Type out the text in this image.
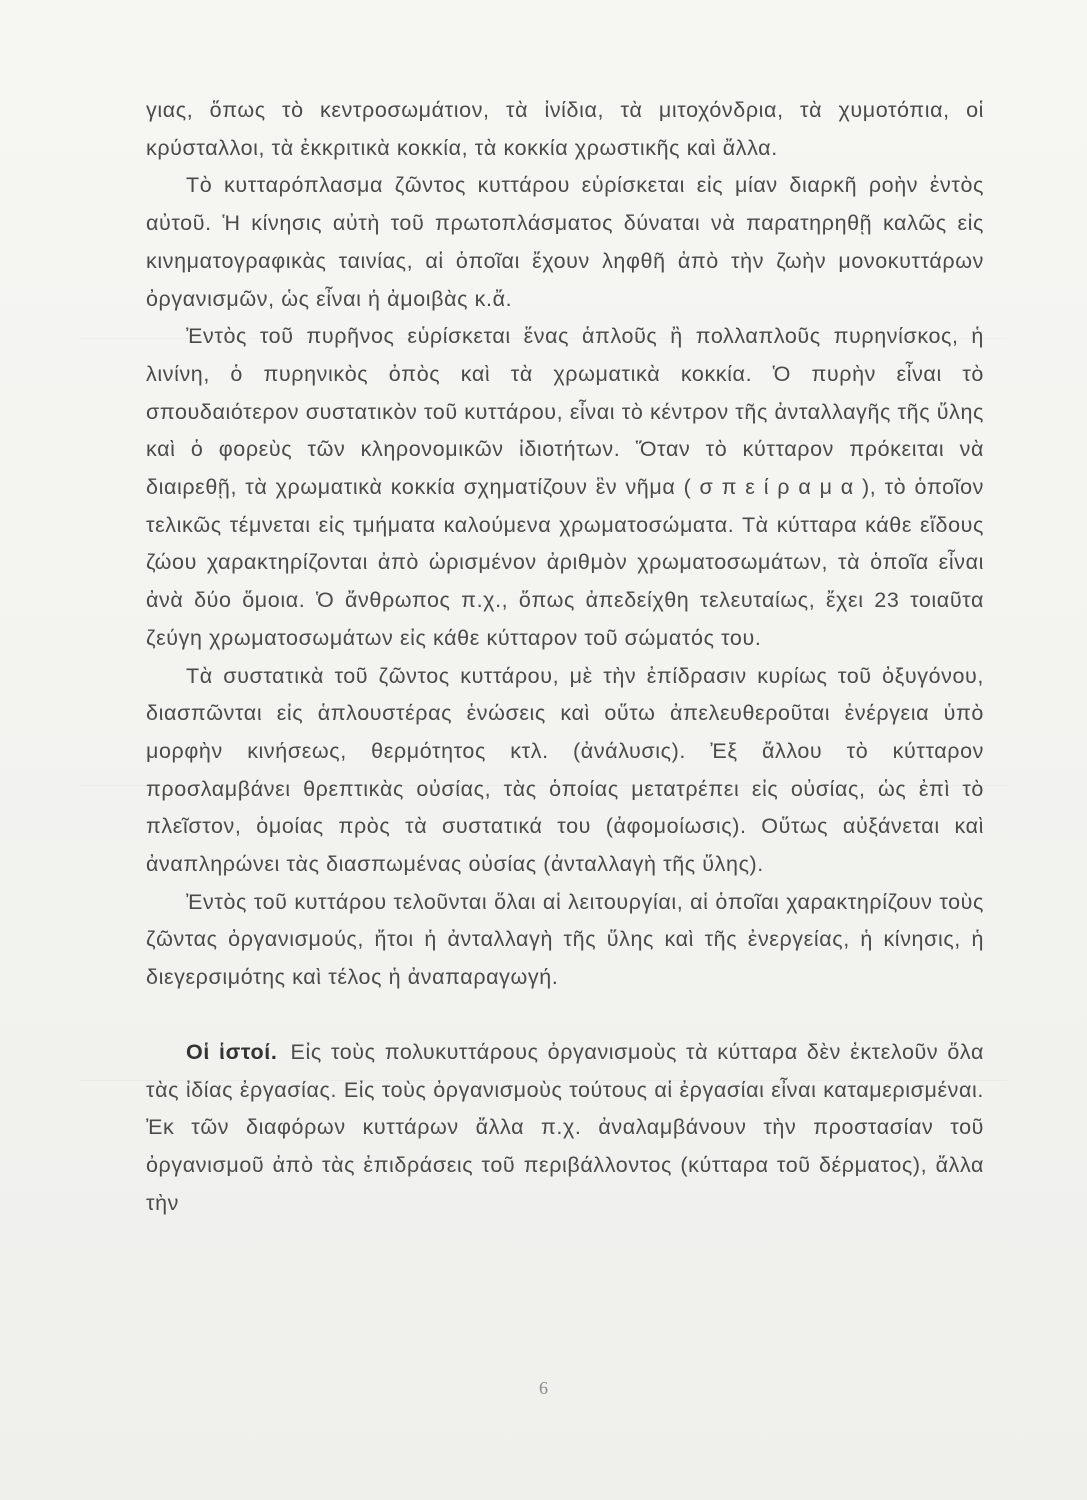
γιας, ὅπως τὸ κεντροσωμάτιον, τὰ ἰνίδια, τὰ μιτοχόνδρια, τὰ χυμοτόπια, οἱ κρύσταλλοι, τὰ ἐκκριτικὰ κοκκία, τὰ κοκκία χρωστικῆς καὶ ἄλλα.

Τὸ κυτταρόπλασμα ζῶντος κυττάρου εὑρίσκεται εἰς μίαν διαρκῆ ροὴν ἐντὸς αὐτοῦ. Ἡ κίνησις αὐτὴ τοῦ πρωτοπλάσματος δύναται νὰ παρατηρηθῇ καλῶς εἰς κινηματογραφικὰς ταινίας, αἱ ὁποῖαι ἔχουν ληφθῆ ἀπὸ τὴν ζωὴν μονοκυττάρων ὀργανισμῶν, ὡς εἶναι ἡ ἀμοιβὰς κ.ἄ.

Ἐντὸς τοῦ πυρῆνος εὑρίσκεται ἕνας ἁπλοῦς ἢ πολλαπλοῦς πυρηνίσκος, ἡ λινίνη, ὁ πυρηνικὸς ὀπὸς καὶ τὰ χρωματικὰ κοκκία. Ὁ πυρὴν εἶναι τὸ σπουδαιότερον συστατικὸν τοῦ κυττάρου, εἶναι τὸ κέντρον τῆς ἀνταλλαγῆς τῆς ὕλης καὶ ὁ φορεὺς τῶν κληρονομικῶν ἰδιοτήτων. Ὅταν τὸ κύτταρον πρόκειται νὰ διαιρεθῇ, τὰ χρωματικὰ κοκκία σχηματίζουν ἓν νῆμα ( σ π ε ί ρ α μ α ), τὸ ὁποῖον τελικῶς τέμνεται εἰς τμήματα καλούμενα χρωματοσώματα. Τὰ κύτταρα κάθε εἴδους ζώου χαρακτηρίζονται ἀπὸ ὡρισμένον ἀριθμὸν χρωματοσωμάτων, τὰ ὁποῖα εἶναι ἀνὰ δύο ὅμοια. Ὁ ἄνθρωπος π.χ., ὅπως ἀπεδείχθη τελευταίως, ἔχει 23 τοιαῦτα ζεύγη χρωματοσωμάτων εἰς κάθε κύτταρον τοῦ σώματός του.

Τὰ συστατικὰ τοῦ ζῶντος κυττάρου, μὲ τὴν ἐπίδρασιν κυρίως τοῦ ὀξυγόνου, διασπῶνται εἰς ἁπλουστέρας ἑνώσεις καὶ οὕτω ἀπελευθεροῦται ἐνέργεια ὑπὸ μορφὴν κινήσεως, θερμότητος κτλ. (ἀνάλυσις). Ἐξ ἄλλου τὸ κύτταρον προσλαμβάνει θρεπτικὰς οὐσίας, τὰς ὁποίας μετατρέπει εἰς οὐσίας, ὡς ἐπὶ τὸ πλεῖστον, ὁμοίας πρὸς τὰ συστατικά του (ἀφομοίωσις). Οὕτως αὐξάνεται καὶ ἀναπληρώνει τὰς διασπωμένας οὐσίας (ἀνταλλαγὴ τῆς ὕλης).

Ἐντὸς τοῦ κυττάρου τελοῦνται ὅλαι αἱ λειτουργίαι, αἱ ὁποῖαι χαρακτηρίζουν τοὺς ζῶντας ὀργανισμούς, ἤτοι ἡ ἀνταλλαγὴ τῆς ὕλης καὶ τῆς ἐνεργείας, ἡ κίνησις, ἡ διεγερσιμότης καὶ τέλος ἡ ἀναπαραγωγή.

Οἱ ἱστοί. Εἰς τοὺς πολυκυττάρους ὀργανισμοὺς τὰ κύτταρα δὲν ἐκτελοῦν ὅλα τὰς ἰδίας ἐργασίας. Εἰς τοὺς ὀργανισμοὺς τούτους αἱ ἐργασίαι εἶναι καταμερισμέναι. Ἐκ τῶν διαφόρων κυττάρων ἄλλα π.χ. ἀναλαμβάνουν τὴν προστασίαν τοῦ ὀργανισμοῦ ἀπὸ τὰς ἐπιδράσεις τοῦ περιβάλλοντος (κύτταρα τοῦ δέρματος), ἄλλα τὴν

6
